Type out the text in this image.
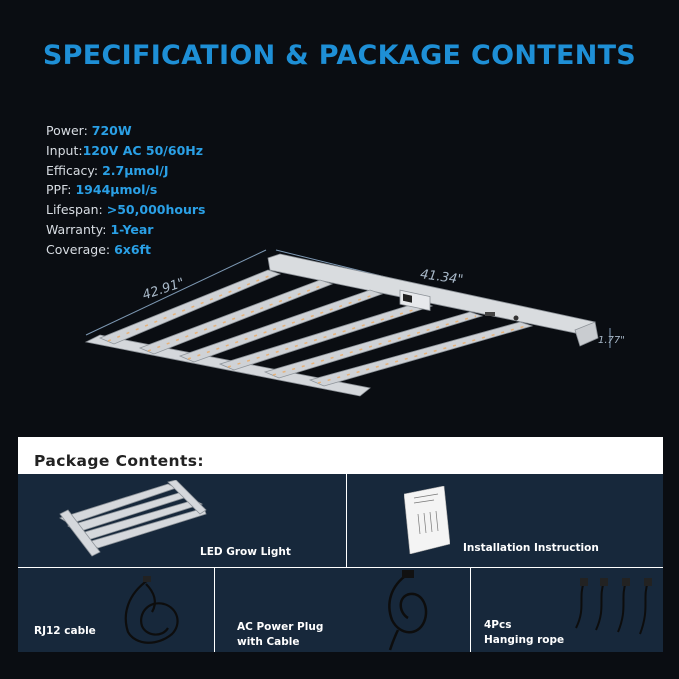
SPECIFICATION & PACKAGE CONTENTS
Power: 720W
Input:120V AC 50/60Hz
Efficacy: 2.7μmol/J
PPF: 1944μmol/s
Lifespan: >50,000hours
Warranty: 1-Year
Coverage: 6x6ft
42.91"	41.34"
1.77"
Package Contents:
LED Grow Light	Installation Instruction
RJ12 cable	AC Power Plug
with Cable
4Pcs
Hanging rope
